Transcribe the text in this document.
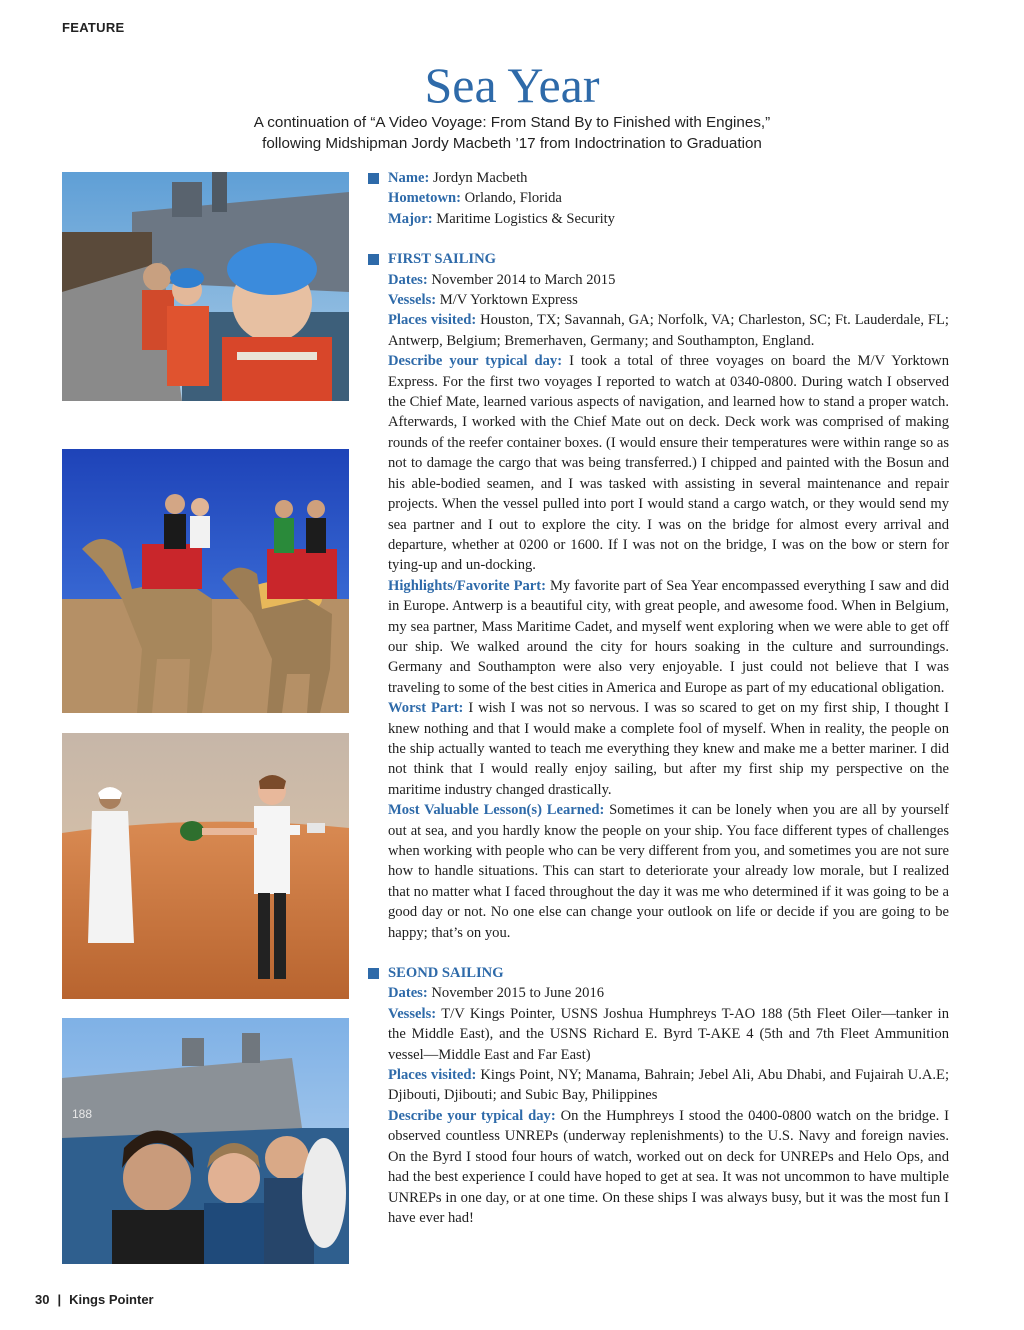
FEATURE
Sea Year
A continuation of “A Video Voyage: From Stand By to Finished with Engines,”
following Midshipman Jordy Macbeth ’17 from Indoctrination to Graduation
188

Name: Jordyn Macbeth

Hometown: Orlando, Florida

Major: Maritime Logistics & Security

FIRST SAILING

Dates: November 2014 to March 2015

Vessels: M/V Yorktown Express

Places visited: Houston, TX; Savannah, GA; Norfolk, VA; Charleston, SC; Ft. Lauderdale, FL; Antwerp, Belgium; Bremerhaven, Germany; and Southampton, England.

Describe your typical day: I took a total of three voyages on board the M/V Yorktown Express. For the first two voyages I reported to watch at 0340-0800. During watch I observed the Chief Mate, learned various aspects of navigation, and learned how to stand a proper watch. Afterwards, I worked with the Chief Mate out on deck. Deck work was comprised of making rounds of the reefer container boxes. (I would ensure their temperatures were within range so as not to damage the cargo that was being transferred.) I chipped and painted with the Bosun and his able-bodied seamen, and I was tasked with assisting in several maintenance and repair projects. When the vessel pulled into port I would stand a cargo watch, or they would send my sea partner and I out to explore the city. I was on the bridge for almost every arrival and departure, whether at 0200 or 1600. If I was not on the bridge, I was on the bow or stern for tying-up and un-docking.

Highlights/Favorite Part: My favorite part of Sea Year encompassed everything I saw and did in Europe. Antwerp is a beautiful city, with great people, and awesome food. When in Belgium, my sea partner, Mass Maritime Cadet, and myself went exploring when we were able to get off our ship. We walked around the city for hours soaking in the culture and surroundings. Germany and Southampton were also very enjoyable. I just could not believe that I was traveling to some of the best cities in America and Europe as part of my educational obligation.

Worst Part: I wish I was not so nervous. I was so scared to get on my first ship, I thought I knew nothing and that I would make a complete fool of myself. When in reality, the people on the ship actually wanted to teach me everything they knew and make me a better mariner. I did not think that I would really enjoy sailing, but after my first ship my perspective on the maritime industry changed drastically.

Most Valuable Lesson(s) Learned: Sometimes it can be lonely when you are all by yourself out at sea, and you hardly know the people on your ship. You face different types of challenges when working with people who can be very different from you, and sometimes you are not sure how to handle situations. This can start to deteriorate your already low morale, but I realized that no matter what I faced throughout the day it was me who determined if it was going to be a good day or not. No one else can change your outlook on life or decide if you are going to be happy; that’s on you.

SEOND SAILING

Dates: November 2015 to June 2016

Vessels: T/V Kings Pointer, USNS Joshua Humphreys T-AO 188 (5th Fleet Oiler—tanker in the Middle East), and the USNS Richard E. Byrd T-AKE 4 (5th and 7th Fleet Ammunition vessel—Middle East and Far East)

Places visited: Kings Point, NY; Manama, Bahrain; Jebel Ali, Abu Dhabi, and Fujairah U.A.E; Djibouti, Djibouti; and Subic Bay, Philippines

Describe your typical day: On the Humphreys I stood the 0400-0800 watch on the bridge. I observed countless UNREPs (underway replenishments) to the U.S. Navy and foreign navies. On the Byrd I stood four hours of watch, worked out on deck for UNREPs and Helo Ops, and had the best experience I could have hoped to get at sea. It was not uncommon to have multiple UNREPs in one day, or at one time. On these ships I was always busy, but it was the most fun I have ever had!

30 | Kings Pointer
